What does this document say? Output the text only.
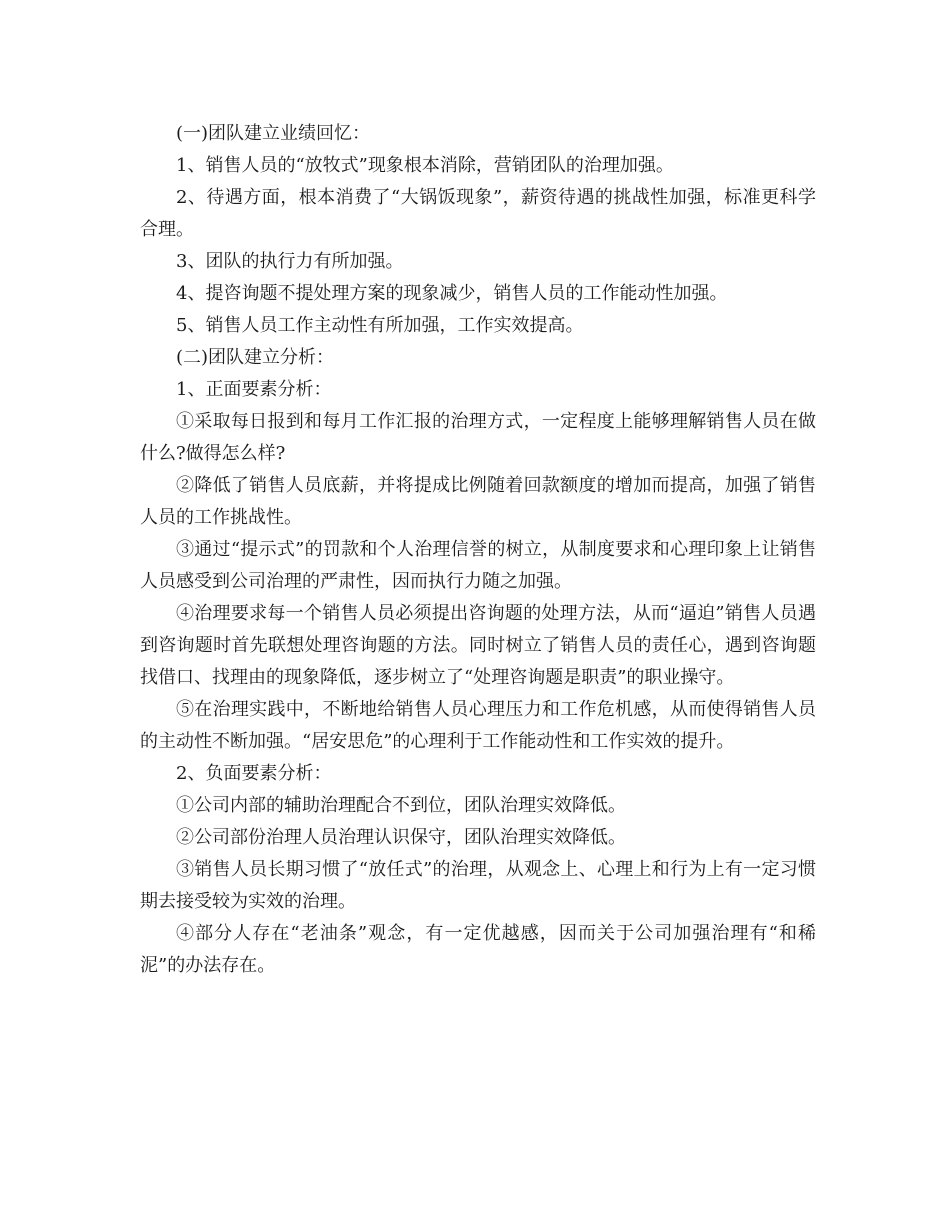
(一)团队建立业绩回忆：

1、销售人员的“放牧式”现象根本消除，营销团队的治理加强。

2、待遇方面，根本消费了“大锅饭现象”，薪资待遇的挑战性加强，标准更科学合理。

3、团队的执行力有所加强。

4、提咨询题不提处理方案的现象减少，销售人员的工作能动性加强。

5、销售人员工作主动性有所加强，工作实效提高。

(二)团队建立分析：

1、正面要素分析：

①采取每日报到和每月工作汇报的治理方式，一定程度上能够理解销售人员在做什么?做得怎么样?

②降低了销售人员底薪，并将提成比例随着回款额度的增加而提高，加强了销售人员的工作挑战性。

③通过“提示式”的罚款和个人治理信誉的树立，从制度要求和心理印象上让销售人员感受到公司治理的严肃性，因而执行力随之加强。

④治理要求每一个销售人员必须提出咨询题的处理方法，从而“逼迫”销售人员遇到咨询题时首先联想处理咨询题的方法。同时树立了销售人员的责任心，遇到咨询题找借口、找理由的现象降低，逐步树立了“处理咨询题是职责”的职业操守。

⑤在治理实践中，不断地给销售人员心理压力和工作危机感，从而使得销售人员的主动性不断加强。“居安思危”的心理利于工作能动性和工作实效的提升。

2、负面要素分析：

①公司内部的辅助治理配合不到位，团队治理实效降低。

②公司部份治理人员治理认识保守，团队治理实效降低。

③销售人员长期习惯了“放任式”的治理，从观念上、心理上和行为上有一定习惯期去接受较为实效的治理。

④部分人存在“老油条”观念，有一定优越感，因而关于公司加强治理有“和稀泥”的办法存在。
